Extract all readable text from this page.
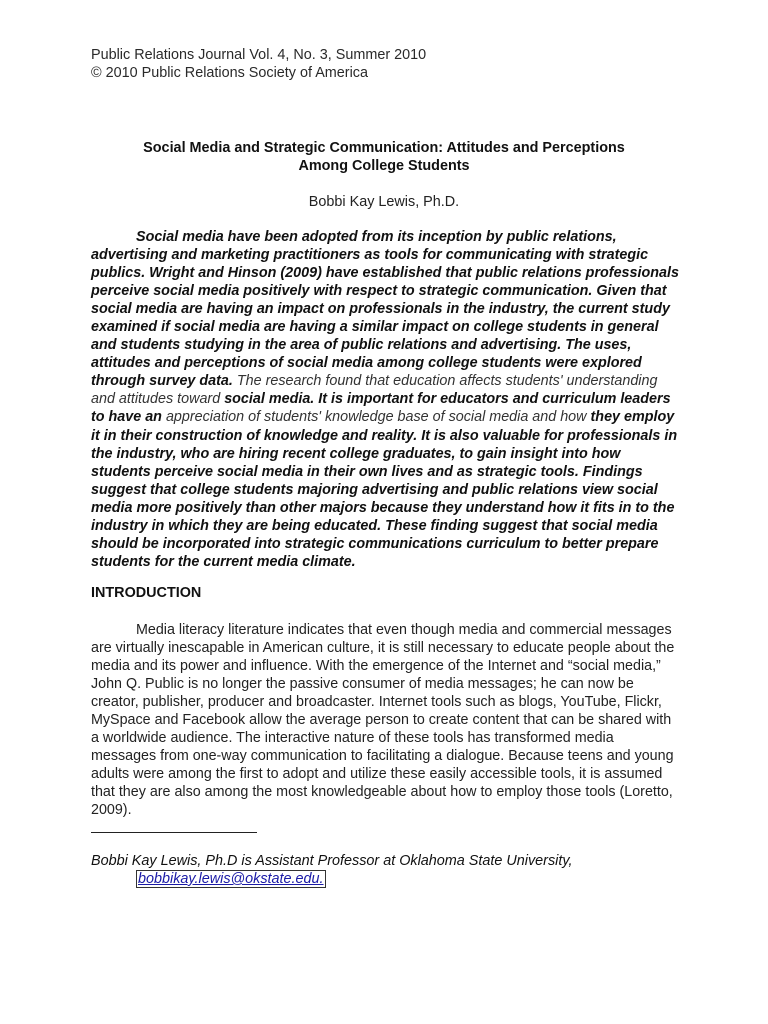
Public Relations Journal Vol. 4, No. 3, Summer 2010
© 2010 Public Relations Society of America
Social Media and Strategic Communication: Attitudes and Perceptions Among College Students
Bobbi Kay Lewis, Ph.D.

Social media have been adopted from its inception by public relations, advertising and marketing practitioners as tools for communicating with strategic publics. Wright and Hinson (2009) have established that public relations professionals perceive social media positively with respect to strategic communication. Given that social media are having an impact on professionals in the industry, the current study examined if social media are having a similar impact on college students in general and students studying in the area of public relations and advertising. The uses, attitudes and perceptions of social media among college students were explored through survey data. The research found that education affects students' understanding and attitudes toward social media. It is important for educators and curriculum leaders to have an appreciation of students' knowledge base of social media and how they employ it in their construction of knowledge and reality. It is also valuable for professionals in the industry, who are hiring recent college graduates, to gain insight into how students perceive social media in their own lives and as strategic tools. Findings suggest that college students majoring advertising and public relations view social media more positively than other majors because they understand how it fits in to the industry in which they are being educated. These finding suggest that social media should be incorporated into strategic communications curriculum to better prepare students for the current media climate.

INTRODUCTION

Media literacy literature indicates that even though media and commercial messages are virtually inescapable in American culture, it is still necessary to educate people about the media and its power and influence. With the emergence of the Internet and “social media,” John Q. Public is no longer the passive consumer of media messages; he can now be creator, publisher, producer and broadcaster. Internet tools such as blogs, YouTube, Flickr, MySpace and Facebook allow the average person to create content that can be shared with a worldwide audience. The interactive nature of these tools has transformed media messages from one-way communication to facilitating a dialogue. Because teens and young adults were among the first to adopt and utilize these easily accessible tools, it is assumed that they are also among the most knowledgeable about how to employ those tools (Loretto, 2009).

Bobbi Kay Lewis, Ph.D is Assistant Professor at Oklahoma State University,
bobbikay.lewis@okstate.edu.
